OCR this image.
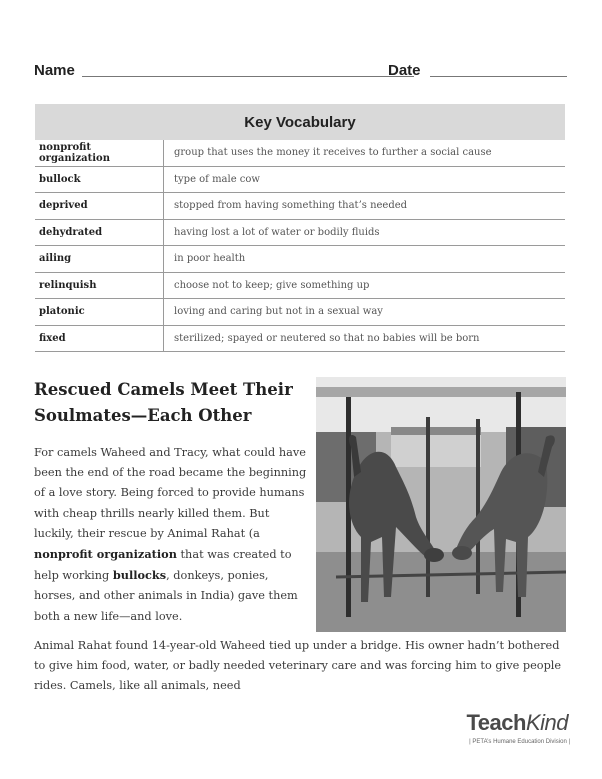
Name	Date
Key Vocabulary	
nonprofit organization	group that uses the money it receives to further a social cause
bullock	type of male cow
deprived	stopped from having something that’s needed
dehydrated	having lost a lot of water or bodily fluids
ailing	in poor health
relinquish	choose not to keep; give something up
platonic	loving and caring but not in a sexual way
fixed	sterilized; spayed or neutered so that no babies will be born
Rescued Camels Meet Their
Soulmates—Each Other

For camels Waheed and Tracy, what could have been the end of the road became the beginning of a love story. Being forced to provide humans with cheap thrills nearly killed them. But luckily, their rescue by Animal Rahat (a nonprofit organization that was created to help working bullocks, donkeys, ponies, horses, and other animals in India) gave them both a new life—and love.

Animal Rahat found 14-year-old Waheed tied up under a bridge. His owner hadn’t bothered to give him food, water, or badly needed veterinary care and was forcing him to give people rides. Camels, like all animals, need

TeachKind
| PETA’s Humane Education Division |
